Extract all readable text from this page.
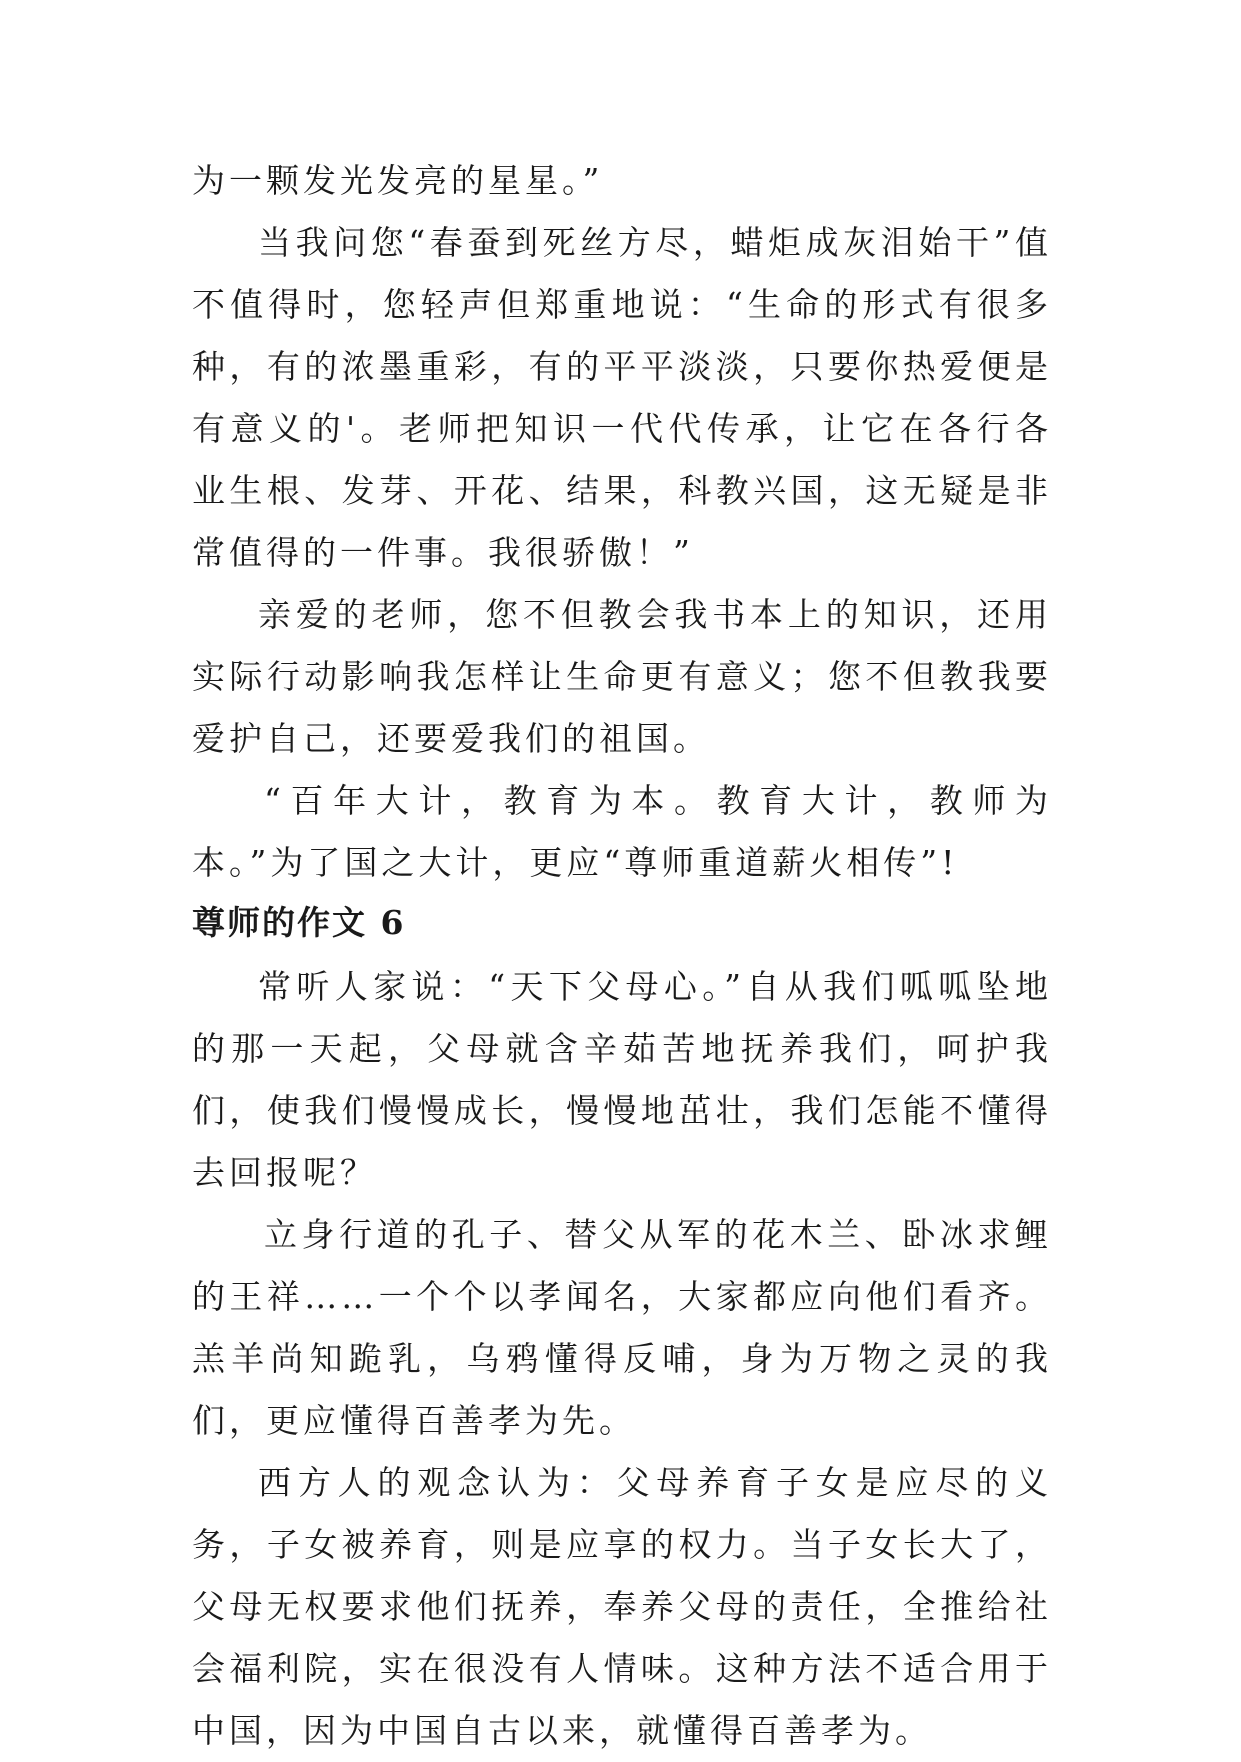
为一颗发光发亮的星星。”

当我问您“春蚕到死丝方尽，蜡炬成灰泪始干”值不值得时，您轻声但郑重地说：“生命的形式有很多种，有的浓墨重彩，有的平平淡淡，只要你热爱便是有意义的'。老师把知识一代代传承，让它在各行各业生根、发芽、开花、结果，科教兴国，这无疑是非常值得的一件事。我很骄傲！”

亲爱的老师，您不但教会我书本上的知识，还用实际行动影响我怎样让生命更有意义；您不但教我要爱护自己，还要爱我们的祖国。

“百年大计，教育为本。教育大计，教师为本。”为了国之大计，更应“尊师重道薪火相传”!

尊师的作文 6

常听人家说：“天下父母心。”自从我们呱呱坠地的那一天起，父母就含辛茹苦地抚养我们，呵护我们，使我们慢慢成长，慢慢地茁壮，我们怎能不懂得去回报呢？

立身行道的孔子、替父从军的花木兰、卧冰求鲤的王祥……一个个以孝闻名，大家都应向他们看齐。羔羊尚知跪乳，乌鸦懂得反哺，身为万物之灵的我们，更应懂得百善孝为先。

西方人的观念认为：父母养育子女是应尽的义务，子女被养育，则是应享的权力。当子女长大了，父母无权要求他们抚养，奉养父母的责任，全推给社会福利院，实在很没有人情味。这种方法不适合用于中国，因为中国自古以来，就懂得百善孝为。
